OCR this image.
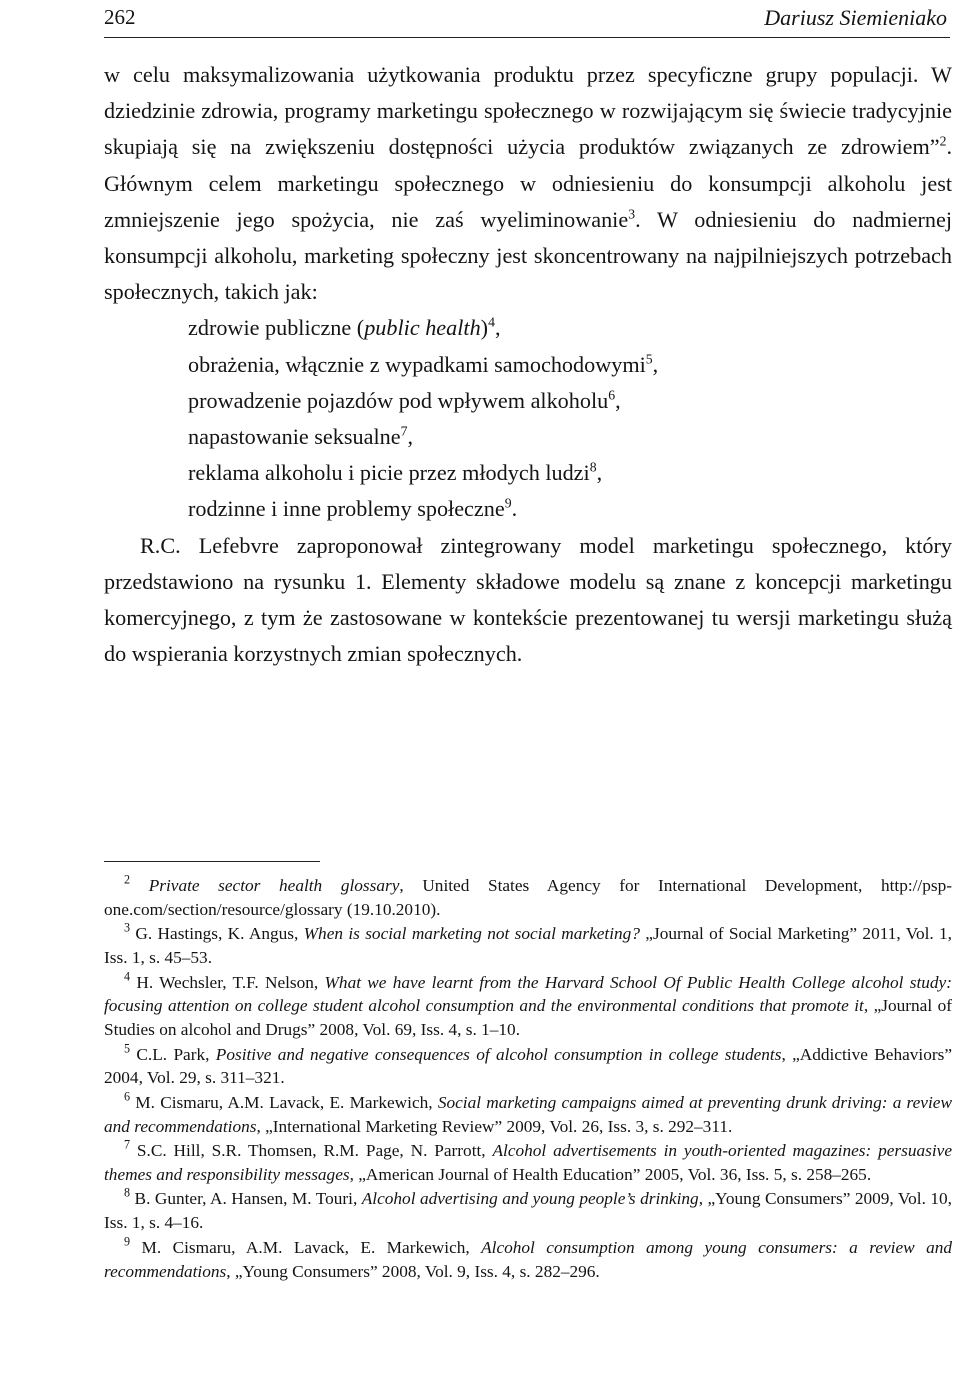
262	Dariusz Siemieniako

w celu maksymalizowania użytkowania produktu przez specyficzne grupy populacji. W dziedzinie zdrowia, programy marketingu społecznego w rozwijającym się świecie tradycyjnie skupiają się na zwiększeniu dostępności użycia produktów związanych ze zdrowiem”$^2$. Głównym celem marketingu społecznego w odniesieniu do konsumpcji alkoholu jest zmniejszenie jego spożycia, nie zaś wyeliminowanie$^3$. W odniesieniu do nadmiernej konsumpcji alkoholu, marketing społeczny jest skoncentrowany na najpilniejszych potrzebach społecznych, takich jak:

zdrowie publiczne (public health)$^4$,
obrażenia, włącznie z wypadkami samochodowymi$^5$,
prowadzenie pojazdów pod wpływem alkoholu$^6$,
napastowanie seksualne$^7$,
reklama alkoholu i picie przez młodych ludzi$^8$,
rodzinne i inne problemy społeczne$^9$.

R.C. Lefebvre zaproponował zintegrowany model marketingu społecznego, który przedstawiono na rysunku 1. Elementy składowe modelu są znane z koncepcji marketingu komercyjnego, z tym że zastosowane w kontekście prezentowanej tu wersji marketingu służą do wspierania korzystnych zmian społecznych.

$^2$ Private sector health glossary, United States Agency for International Development, http://psp-one.com/section/resource/glossary (19.10.2010).

$^3$ G. Hastings, K. Angus, When is social marketing not social marketing? „Journal of Social Marketing” 2011, Vol. 1, Iss. 1, s. 45–53.

$^4$ H. Wechsler, T.F. Nelson, What we have learnt from the Harvard School Of Public Health College alcohol study: focusing attention on college student alcohol consumption and the environmental conditions that promote it, „Journal of Studies on alcohol and Drugs” 2008, Vol. 69, Iss. 4, s. 1–10.

$^5$ C.L. Park, Positive and negative consequences of alcohol consumption in college students, „Addictive Behaviors” 2004, Vol. 29, s. 311–321.

$^6$ M. Cismaru, A.M. Lavack, E. Markewich, Social marketing campaigns aimed at preventing drunk driving: a review and recommendations, „International Marketing Review” 2009, Vol. 26, Iss. 3, s. 292–311.

$^7$ S.C. Hill, S.R. Thomsen, R.M. Page, N. Parrott, Alcohol advertisements in youth-oriented magazines: persuasive themes and responsibility messages, „American Journal of Health Education” 2005, Vol. 36, Iss. 5, s. 258–265.

$^8$ B. Gunter, A. Hansen, M. Touri, Alcohol advertising and young people’s drinking, „Young Consumers” 2009, Vol. 10, Iss. 1, s. 4–16.

$^9$ M. Cismaru, A.M. Lavack, E. Markewich, Alcohol consumption among young consumers: a review and recommendations, „Young Consumers” 2008, Vol. 9, Iss. 4, s. 282–296.
